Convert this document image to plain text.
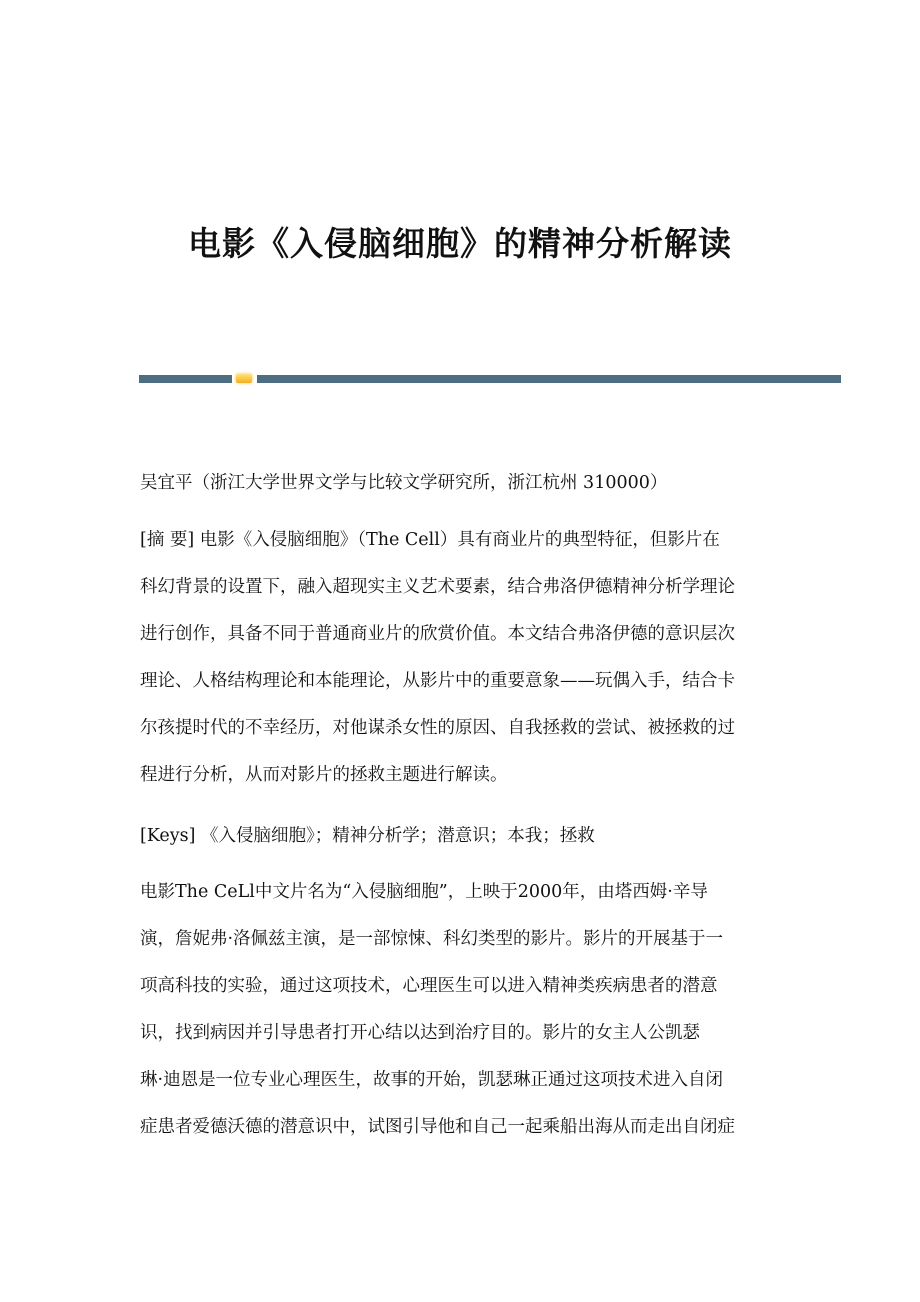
电影《入侵脑细胞》的精神分析解读
吴宜平（浙江大学世界文学与比较文学研究所，浙江杭州 310000）
[摘 要] 电影《入侵脑细胞》（The Cell）具有商业片的典型特征，但影片在
科幻背景的设置下，融入超现实主义艺术要素，结合弗洛伊德精神分析学理论
进行创作，具备不同于普通商业片的欣赏价值。本文结合弗洛伊德的意识层次
理论、人格结构理论和本能理论，从影片中的重要意象——玩偶入手，结合卡
尔孩提时代的不幸经历，对他谋杀女性的原因、自我拯救的尝试、被拯救的过
程进行分析，从而对影片的拯救主题进行解读。
[Keys] 《入侵脑细胞》；精神分析学；潜意识；本我；拯救
电影The CeLl中文片名为“入侵脑细胞”，上映于2000年，由塔西姆·辛导
演，詹妮弗·洛佩兹主演，是一部惊悚、科幻类型的影片。影片的开展基于一
项高科技的实验，通过这项技术，心理医生可以进入精神类疾病患者的潜意
识，找到病因并引导患者打开心结以达到治疗目的。影片的女主人公凯瑟
琳·迪恩是一位专业心理医生，故事的开始，凯瑟琳正通过这项技术进入自闭
症患者爱德沃德的潜意识中，试图引导他和自己一起乘船出海从而走出自闭症
